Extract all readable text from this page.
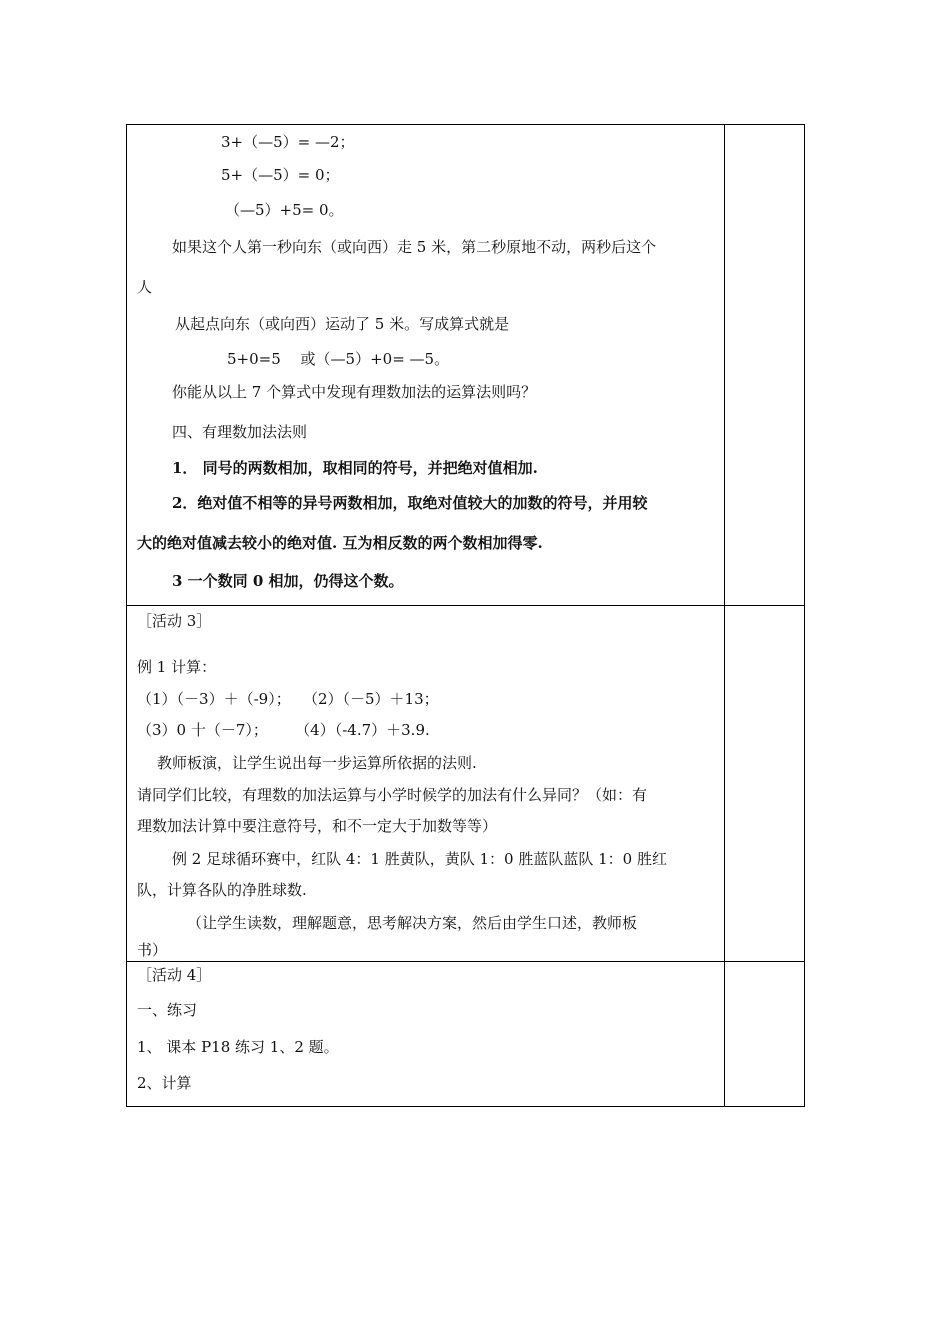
3+（—5）= —2；
5+（—5）= 0；
（—5）+5= 0。
如果这个人第一秒向东（或向西）走 5 米，第二秒原地不动，两秒后这个
人
从起点向东（或向西）运动了 5 米。写成算式就是
5+0=5　 或（—5）+0= —5。
你能从以上 7 个算式中发现有理数加法的运算法则吗？
四、有理数加法法则
1． 同号的两数相加，取相同的符号，并把绝对值相加.
2．绝对值不相等的异号两数相加，取绝对值较大的加数的符号，并用较
大的绝对值减去较小的绝对值. 互为相反数的两个数相加得零.
3 一个数同 0 相加，仍得这个数。
［活动 3］
例 1 计算：
（1）（－3）＋（-9）；　 （2）（－5）＋13；
（3）0 十（－7）；　　 （4）（-4.7）＋3.9.
教师板演，让学生说出每一步运算所依据的法则.
请同学们比较，有理数的加法运算与小学时候学的加法有什么异同？（如：有
理数加法计算中要注意符号，和不一定大于加数等等）
例 2 足球循环赛中，红队 4：1 胜黄队，黄队 1：0 胜蓝队蓝队 1：0 胜红
队，计算各队的净胜球数.
（让学生读数，理解题意，思考解决方案，然后由学生口述，教师板
书）
［活动 4］
一、练习
1、 课本 P18 练习 1、2 题。
2、计算
